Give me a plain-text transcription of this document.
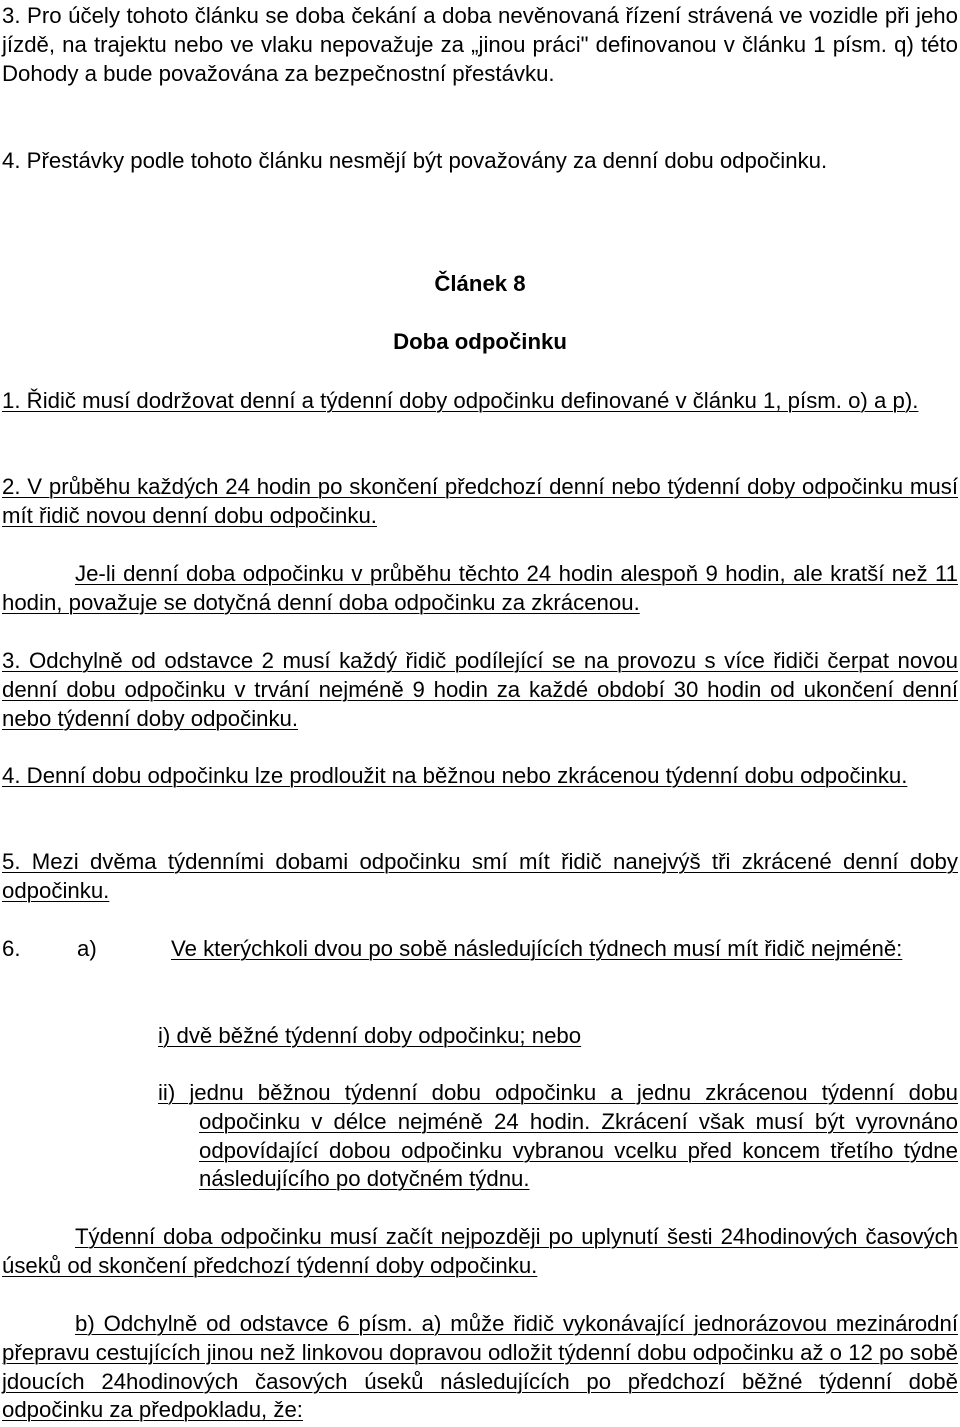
3. Pro účely tohoto článku se doba čekání a doba nevěnovaná řízení strávená ve vozidle při jeho jízdě, na trajektu nebo ve vlaku nepovažuje za „jinou práci" definovanou v článku 1 písm. q) této Dohody a bude považována za bezpečnostní přestávku.

4. Přestávky podle tohoto článku nesmějí být považovány za denní dobu odpočinku.

Článek 8

Doba odpočinku

1. Řidič musí dodržovat denní a týdenní doby odpočinku definované v článku 1, písm. o) a p).

2. V průběhu každých 24 hodin po skončení předchozí denní nebo týdenní doby odpočinku musí mít řidič novou denní dobu odpočinku.

Je-li denní doba odpočinku v průběhu těchto 24 hodin alespoň 9 hodin, ale kratší než 11 hodin, považuje se dotyčná denní doba odpočinku za zkrácenou.

3. Odchylně od odstavce 2 musí každý řidič podílející se na provozu s více řidiči čerpat novou denní dobu odpočinku v trvání nejméně 9 hodin za každé období 30 hodin od ukončení denní nebo týdenní doby odpočinku.

4. Denní dobu odpočinku lze prodloužit na běžnou nebo zkrácenou týdenní dobu odpočinku.

5. Mezi dvěma týdenními dobami odpočinku smí mít řidič nanejvýš tři zkrácené denní doby odpočinku.

6.	a)	Ve kterýchkoli dvou po sobě následujících týdnech musí mít řidič nejméně:

i) dvě běžné týdenní doby odpočinku; nebo

ii) jednu běžnou týdenní dobu odpočinku a jednu zkrácenou týdenní dobu odpočinku v délce nejméně 24 hodin. Zkrácení však musí být vyrovnáno odpovídající dobou odpočinku vybranou vcelku před koncem třetího týdne následujícího po dotyčném týdnu.

Týdenní doba odpočinku musí začít nejpozději po uplynutí šesti 24hodinových časových úseků od skončení předchozí týdenní doby odpočinku.

b) Odchylně od odstavce 6 písm. a) může řidič vykonávající jednorázovou mezinárodní přepravu cestujících jinou než linkovou dopravou odložit týdenní dobu odpočinku až o 12 po sobě jdoucích 24hodinových časových úseků následujících po předchozí běžné týdenní době odpočinku za předpokladu, že:
